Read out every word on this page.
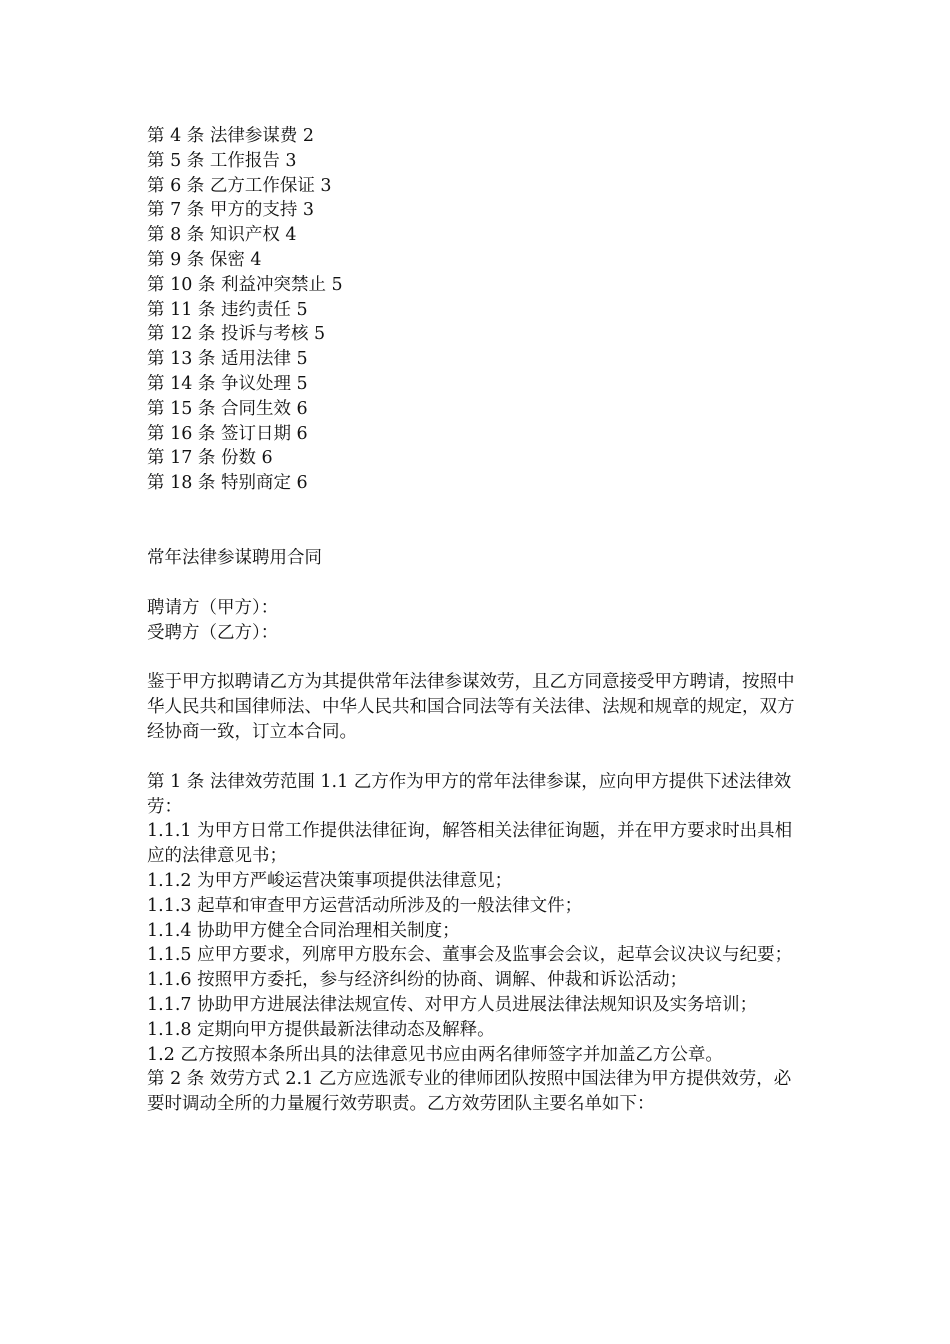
第 4 条 法律参谋费 2
第 5 条 工作报告 3
第 6 条 乙方工作保证 3
第 7 条 甲方的支持 3
第 8 条 知识产权 4
第 9 条 保密 4
第 10 条 利益冲突禁止 5
第 11 条 违约责任 5
第 12 条 投诉与考核 5
第 13 条 适用法律 5
第 14 条 争议处理 5
第 15 条 合同生效 6
第 16 条 签订日期 6
第 17 条 份数 6
第 18 条 特别商定 6
常年法律参谋聘用合同
聘请方（甲方）：
受聘方（乙方）：

鉴于甲方拟聘请乙方为其提供常年法律参谋效劳，且乙方同意接受甲方聘请，按照中华人民共和国律师法、中华人民共和国合同法等有关法律、法规和规章的规定，双方经协商一致，订立本合同。

第 1 条 法律效劳范围 1.1 乙方作为甲方的常年法律参谋，应向甲方提供下述法律效劳：
1.1.1 为甲方日常工作提供法律征询，解答相关法律征询题，并在甲方要求时出具相应的法律意见书；
1.1.2 为甲方严峻运营决策事项提供法律意见；
1.1.3 起草和审查甲方运营活动所涉及的一般法律文件；
1.1.4 协助甲方健全合同治理相关制度；
1.1.5 应甲方要求，列席甲方股东会、董事会及监事会会议，起草会议决议与纪要；
1.1.6 按照甲方委托，参与经济纠纷的协商、调解、仲裁和诉讼活动；
1.1.7 协助甲方进展法律法规宣传、对甲方人员进展法律法规知识及实务培训；
1.1.8 定期向甲方提供最新法律动态及解释。
1.2 乙方按照本条所出具的法律意见书应由两名律师签字并加盖乙方公章。
第 2 条 效劳方式 2.1 乙方应选派专业的律师团队按照中国法律为甲方提供效劳，必要时调动全所的力量履行效劳职责。乙方效劳团队主要名单如下：
